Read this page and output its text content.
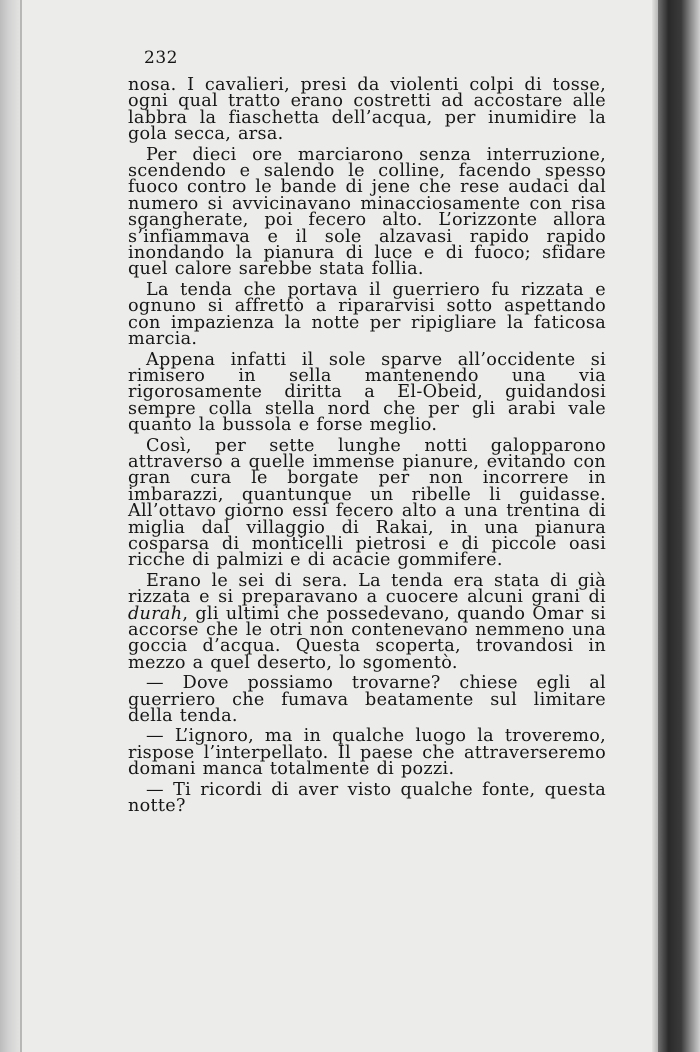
232

nosa. I cavalieri, presi da violenti colpi di tosse, ogni qual tratto erano costretti ad accostare alle labbra la fiaschetta dell’acqua, per inumidire la gola secca, arsa.

Per dieci ore marciarono senza interruzione, scendendo e salendo le colline, facendo spesso fuoco contro le bande di jene che rese audaci dal numero si avvicinavano minacciosamente con risa sgangherate, poi fecero alto. L’orizzonte allora s’infiammava e il sole alzavasi rapido rapido inondando la pianura di luce e di fuoco; sfidare quel calore sarebbe stata follia.

La tenda che portava il guerriero fu rizzata e ognuno si affrettò a ripararvisi sotto aspettando con impazienza la notte per ripigliare la faticosa marcia.

Appena infatti il sole sparve all’occidente si rimisero in sella mantenendo una via rigorosamente diritta a El-Obeid, guidandosi sempre colla stella nord che per gli arabi vale quanto la bussola e forse meglio.

Così, per sette lunghe notti galopparono attraverso a quelle immense pianure, evitando con gran cura le borgate per non incorrere in imbarazzi, quantunque un ribelle li guidasse. All’ottavo giorno essi fecero alto a una trentina di miglia dal villaggio di Rakai, in una pianura cosparsa di monticelli pietrosi e di piccole oasi ricche di palmizi e di acacie gommifere.

Erano le sei di sera. La tenda era stata di già rizzata e si preparavano a cuocere alcuni grani di durah, gli ultimi che possedevano, quando Omar si accorse che le otri non contenevano nemmeno una goccia d’acqua. Questa scoperta, trovandosi in mezzo a quel deserto, lo sgomentò.

— Dove possiamo trovarne? chiese egli al guerriero che fumava beatamente sul limitare della tenda.

— L’ignoro, ma in qualche luogo la troveremo, rispose l’interpellato. Il paese che attraverseremo domani manca totalmente di pozzi.

— Ti ricordi di aver visto qualche fonte, questa notte?
